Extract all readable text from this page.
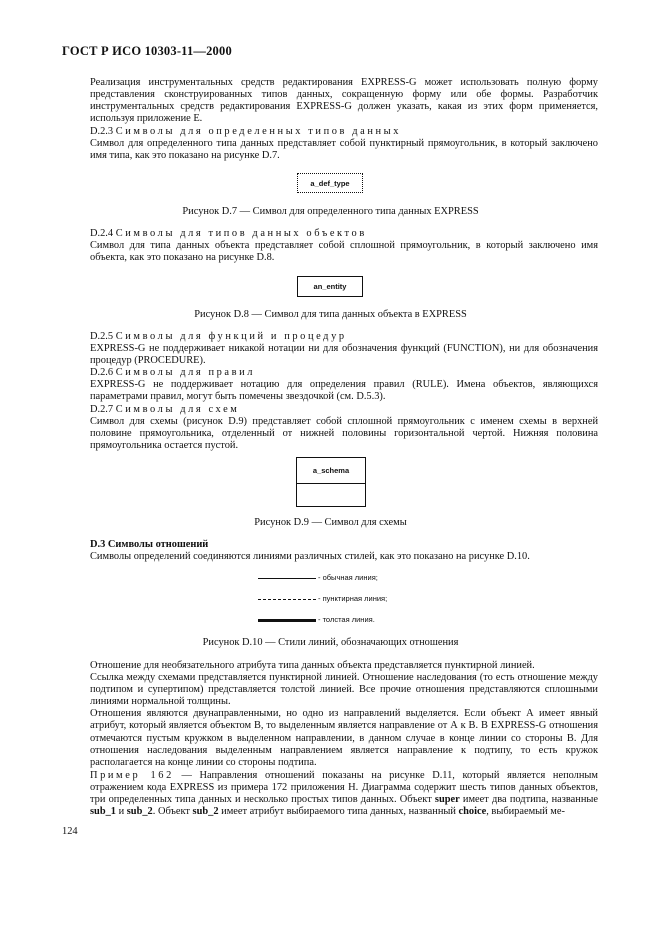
ГОСТ Р ИСО 10303-11—2000

Реализация инструментальных средств редактирования EXPRESS-G может использовать полную форму представления сконструированных типов данных, сокращенную форму или обе формы. Разработчик инструментальных средств редактирования EXPRESS-G должен указать, какая из этих форм применяется, используя приложение E.

D.2.3 Символы для определенных типов данных

Символ для определенного типа данных представляет собой пунктирный прямоугольник, в который заключено имя типа, как это показано на рисунке D.7.

a_def_type
Рисунок D.7 — Символ для определенного типа данных EXPRESS
D.2.4 Символы для типов данных объектов

Символ для типа данных объекта представляет собой сплошной прямоугольник, в который заключено имя объекта, как это показано на рисунке D.8.

an_entity
Рисунок D.8 — Символ для типа данных объекта в EXPRESS
D.2.5 Символы для функций и процедур

EXPRESS-G не поддерживает никакой нотации ни для обозначения функций (FUNCTION), ни для обозначения процедур (PROCEDURE).

D.2.6 Символы для правил

EXPRESS-G не поддерживает нотацию для определения правил (RULE). Имена объектов, являющихся параметрами правил, могут быть помечены звездочкой (см. D.5.3).

D.2.7 Символы для схем

Символ для схемы (рисунок D.9) представляет собой сплошной прямоугольник с именем схемы в верхней половине прямоугольника, отделенный от нижней половины горизонтальной чертой. Нижняя половина прямоугольника остается пустой.

a_schema
Рисунок D.9 — Символ для схемы
D.3 Символы отношений

Символы определений соединяются линиями различных стилей, как это показано на рисунке D.10.

- обычная линия;
- пунктирная линия;
- толстая линия.
Рисунок D.10 — Стили линий, обозначающих отношения

Отношение для необязательного атрибута типа данных объекта представляется пунктирной линией.

Ссылка между схемами представляется пунктирной линией. Отношение наследования (то есть отношение между подтипом и супертипом) представляется толстой линией. Все прочие отношения представляются сплошными линиями нормальной толщины.

Отношения являются двунаправленными, но одно из направлений выделяется. Если объект А имеет явный атрибут, который является объектом В, то выделенным является направление от А к В. В EXPRESS-G отношения отмечаются пустым кружком в выделенном направлении, в данном случае в конце линии со стороны В. Для отношения наследования выделенным направлением является направление к подтипу, то есть кружок располагается на конце линии со стороны подтипа.

Пример 162 — Направления отношений показаны на рисунке D.11, который является неполным отражением кода EXPRESS из примера 172 приложения H. Диаграмма содержит шесть типов данных объектов, три определенных типа данных и несколько простых типов данных. Объект super имеет два подтипа, названные sub_1 и sub_2. Объект sub_2 имеет атрибут выбираемого типа данных, названный choice, выбираемый ме-

124
